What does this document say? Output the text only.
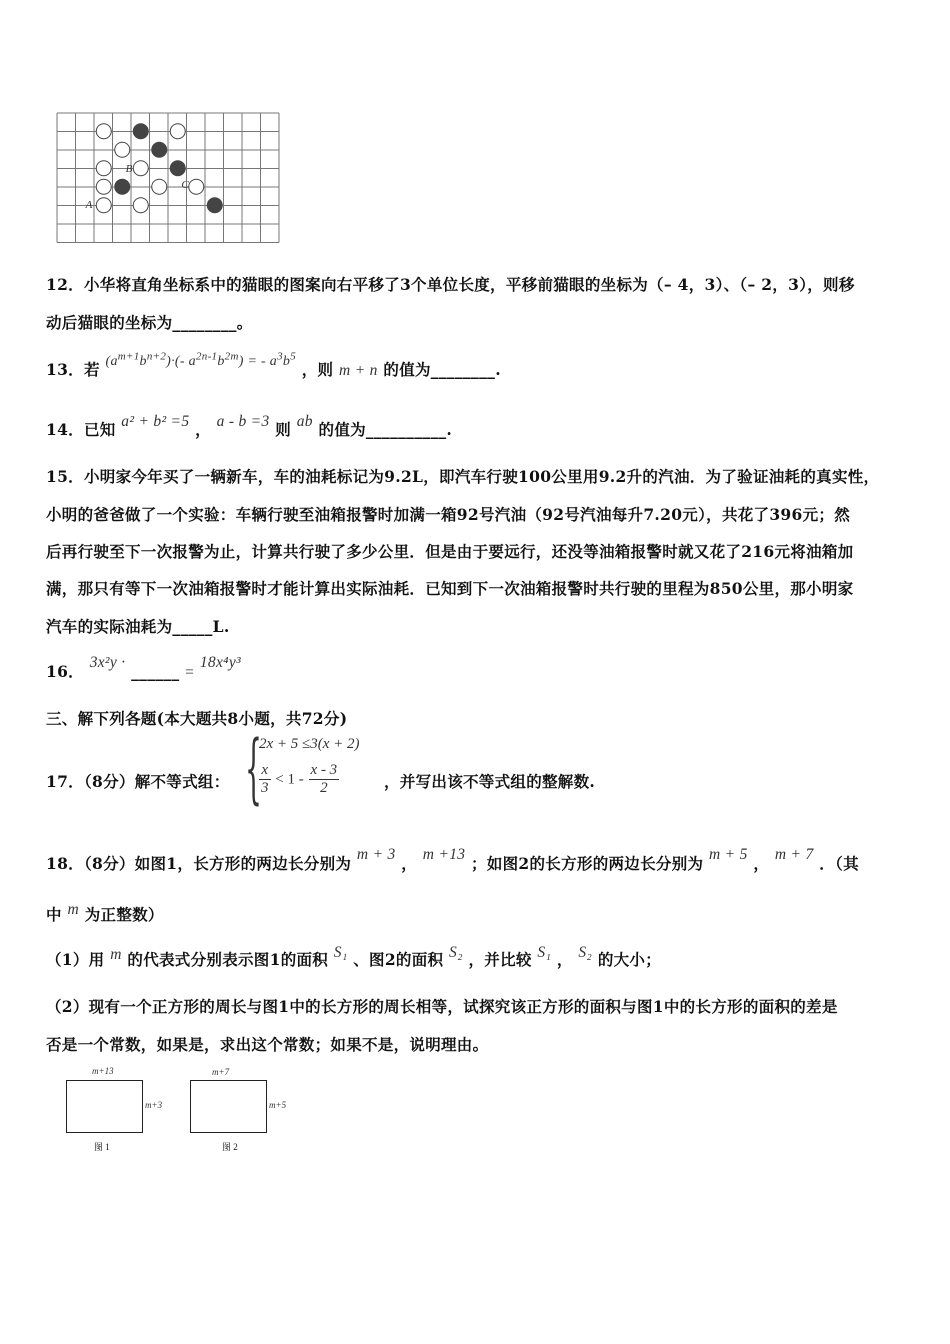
A
B
C
12．小华将直角坐标系中的猫眼的图案向右平移了3个单位长度，平移前猫眼的坐标为（– 4，3）、（– 2，3），则移
动后猫眼的坐标为________。
13．若 $(a^{m+1}b^{n+2})\cdot(-$ $a^{2n-1}b^{2m}$) = - $a^3b^5$ ，则 m + n 的值为________.
14．已知 a² + b² =5 ， a - b =3 则 ab 的值为__________.
15．小明家今年买了一辆新车，车的油耗标记为9.2L，即汽车行驶100公里用9.2升的汽油．为了验证油耗的真实性，
小明的爸爸做了一个实验：车辆行驶至油箱报警时加满一箱92号汽油（92号汽油每升7.20元），共花了396元；然
后再行驶至下一次报警为止，计算共行驶了多少公里．但是由于要远行，还没等油箱报警时就又花了216元将油箱加
满，那只有等下一次油箱报警时才能计算出实际油耗．已知到下一次油箱报警时共行驶的里程为850公里，那小明家
汽车的实际油耗为_____L.
16． 3x²y · ______ = 18x⁴y³
三、解下列各题(本大题共8小题，共72分)
17．（8分）解不等式组： {
2x + 5 ≤3(x + 2)
$\frac{x}{3} < 1 - \frac{x - 3}{2}$	，并写出该不等式组的整解数.
18．（8分）如图1，长方形的两边长分别为 m + 3 ， m +13 ；如图2的长方形的两边长分别为 m + 5 ， m + 7 ．（其
中 m 为正整数）
（1）用 m 的代表式分别表示图1的面积 S₁ 、图2的面积 S₂ ，并比较 S₁ ， S₂ 的大小；
（2）现有一个正方形的周长与图1中的长方形的周长相等，试探究该正方形的面积与图1中的长方形的面积的差是
否是一个常数，如果是，求出这个常数；如果不是，说明理由。
m+13
m+3
图 1
m+7
m+5
图 2
